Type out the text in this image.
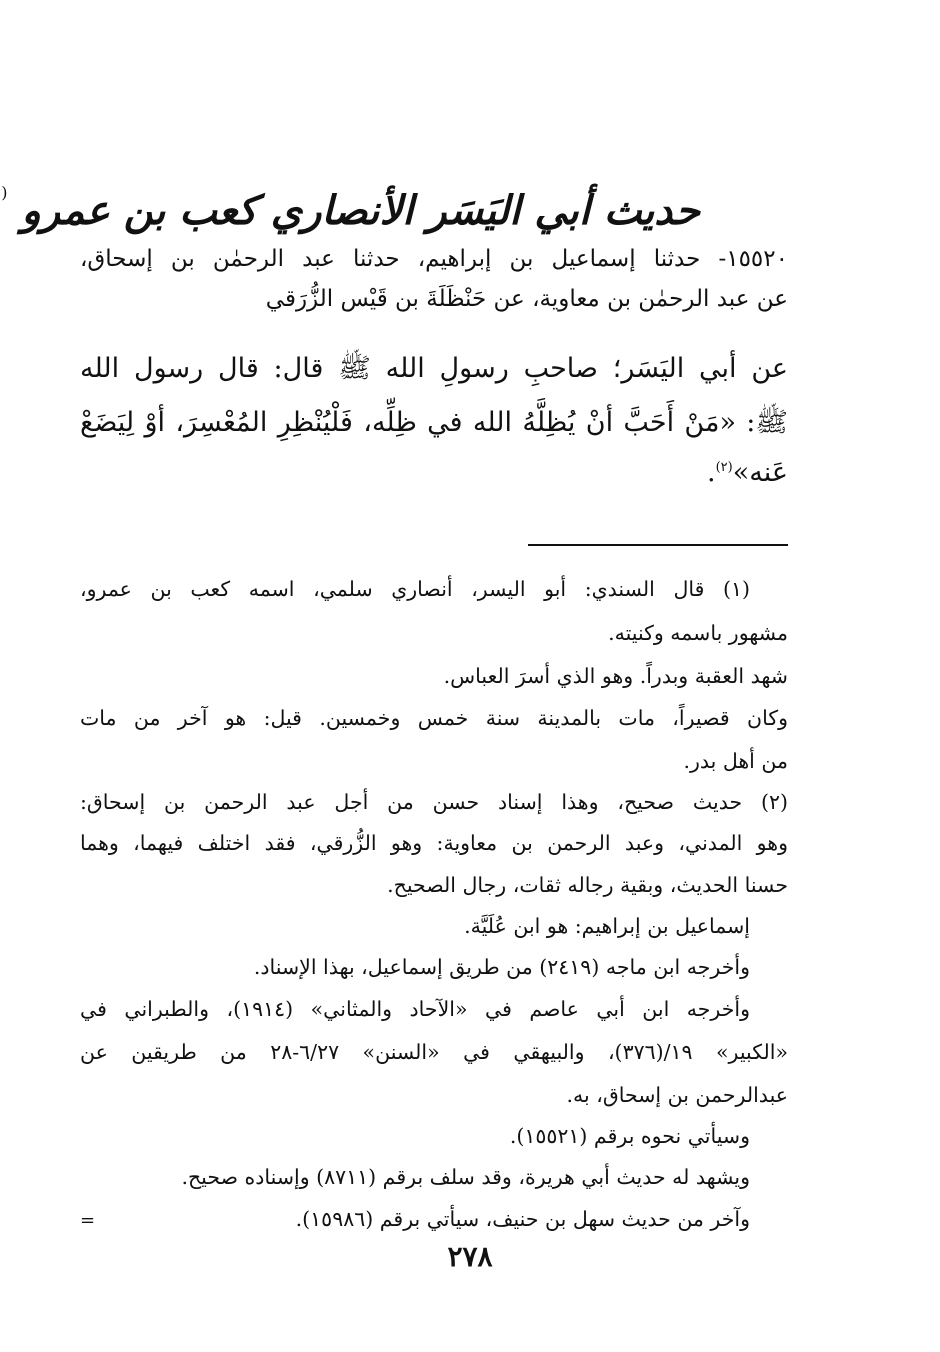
حديث أبي اليَسَر الأنصاري كعب بن عمرو (
١٥٥٢٠- حدثنا إسماعيل بن إبراهيم، حدثنا عبد الرحمٰن بن إسحاق،
عن عبد الرحمٰن بن معاوية، عن حَنْظَلَةَ بن قَيْس الزُّرَقي
عن أبي اليَسَر؛ صاحبِ رسولِ الله ﷺ قال: قال رسول الله
ﷺ: «مَنْ أَحَبَّ أنْ يُظِلَّهُ الله في ظِلِّه، فَلْيُنْظِرِ المُعْسِرَ، أوْ لِيَضَعْ
عَنه»$^{(٢)}$.
(١) قال السندي: أبو اليسر، أنصاري سلمي، اسمه كعب بن عمرو،
مشهور باسمه وكنيته.
شهد العقبة وبدراً. وهو الذي أسرَ العباس.
وكان قصيراً، مات بالمدينة سنة خمس وخمسين. قيل: هو آخر من مات
من أهل بدر.
(٢) حديث صحيح، وهذا إسناد حسن من أجل عبد الرحمن بن إسحاق:
وهو المدني، وعبد الرحمن بن معاوية: وهو الزُّرقي، فقد اختلف فيهما، وهما
حسنا الحديث، وبقية رجاله ثقات، رجال الصحيح.
إسماعيل بن إبراهيم: هو ابن عُلَيَّة.
وأخرجه ابن ماجه (٢٤١٩) من طريق إسماعيل، بهذا الإسناد.
وأخرجه ابن أبي عاصم في «الآحاد والمثاني» (١٩١٤)، والطبراني في
«الكبير» ١٩/(٣٧٦)، والبيهقي في «السنن» ٦/٢٧-٢٨ من طريقين عن
عبدالرحمن بن إسحاق، به.
وسيأتي نحوه برقم (١٥٥٢١).
ويشهد له حديث أبي هريرة، وقد سلف برقم (٨٧١١) وإسناده صحيح.
وآخر من حديث سهل بن حنيف، سيأتي برقم (١٥٩٨٦).
=
٢٧٨
